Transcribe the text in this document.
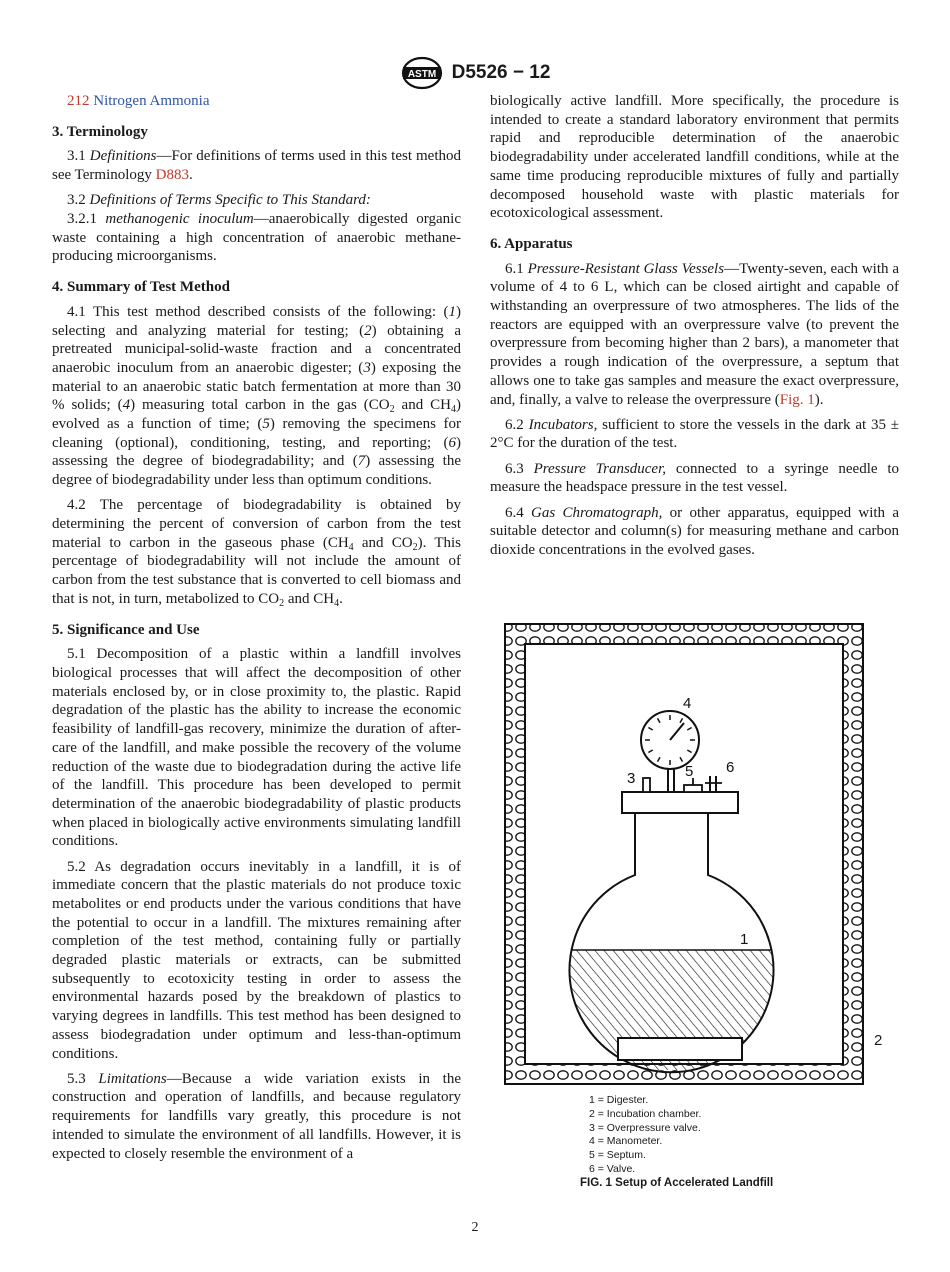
ASTM D5526 − 12

212 Nitrogen Ammonia

3. Terminology

3.1 Definitions—For definitions of terms used in this test method see Terminology D883.

3.2 Definitions of Terms Specific to This Standard:

3.2.1 methanogenic inoculum—anaerobically digested organic waste containing a high concentration of anaerobic methane-producing microorganisms.

4. Summary of Test Method

4.1 This test method described consists of the following: (1) selecting and analyzing material for testing; (2) obtaining a pretreated municipal-solid-waste fraction and a concentrated anaerobic inoculum from an anaerobic digester; (3) exposing the material to an anaerobic static batch fermentation at more than 30 % solids; (4) measuring total carbon in the gas ($CO_2$ and $CH_4$) evolved as a function of time; (5) removing the specimens for cleaning (optional), conditioning, testing, and reporting; (6) assessing the degree of biodegradability; and (7) assessing the degree of biodegradability under less than optimum conditions.

4.2 The percentage of biodegradability is obtained by determining the percent of conversion of carbon from the test material to carbon in the gaseous phase ($CH_4$ and $CO_2$). This percentage of biodegradability will not include the amount of carbon from the test substance that is converted to cell biomass and that is not, in turn, metabolized to $CO_2$ and $CH_4$.

5. Significance and Use

5.1 Decomposition of a plastic within a landfill involves biological processes that will affect the decomposition of other materials enclosed by, or in close proximity to, the plastic. Rapid degradation of the plastic has the ability to increase the economic feasibility of landfill-gas recovery, minimize the duration of after-care of the landfill, and make possible the recovery of the volume reduction of the waste due to biodegradation during the active life of the landfill. This procedure has been developed to permit determination of the anaerobic biodegradability of plastic products when placed in biologically active environments simulating landfill conditions.

5.2 As degradation occurs inevitably in a landfill, it is of immediate concern that the plastic materials do not produce toxic metabolites or end products under the various conditions that have the potential to occur in a landfill. The mixtures remaining after completion of the test method, containing fully or partially degraded plastic materials or extracts, can be submitted subsequently to ecotoxicity testing in order to assess the environmental hazards posed by the breakdown of plastics to varying degrees in landfills. This test method has been designed to assess biodegradation under optimum and less-than-optimum conditions.

5.3 Limitations—Because a wide variation exists in the construction and operation of landfills, and because regulatory requirements for landfills vary greatly, this procedure is not intended to simulate the environment of all landfills. However, it is expected to closely resemble the environment of a

biologically active landfill. More specifically, the procedure is intended to create a standard laboratory environment that permits rapid and reproducible determination of the anaerobic biodegradability under accelerated landfill conditions, while at the same time producing reproducible mixtures of fully and partially decomposed household waste with plastic materials for ecotoxicological assessment.

6. Apparatus

6.1 Pressure-Resistant Glass Vessels—Twenty-seven, each with a volume of 4 to 6 L, which can be closed airtight and capable of withstanding an overpressure of two atmospheres. The lids of the reactors are equipped with an overpressure valve (to prevent the overpressure from becoming higher than 2 bars), a manometer that provides a rough indication of the overpressure, a septum that allows one to take gas samples and measure the exact overpressure, and, finally, a valve to release the overpressure (Fig. 1).

6.2 Incubators, sufficient to store the vessels in the dark at 35 ± 2°C for the duration of the test.

6.3 Pressure Transducer, connected to a syringe needle to measure the headspace pressure in the test vessel.

6.4 Gas Chromatograph, or other apparatus, equipped with a suitable detector and column(s) for measuring methane and carbon dioxide concentrations in the evolved gases.

4
3	5 6
1
2
1 = Digester.
2 = Incubation chamber.
3 = Overpressure valve.
4 = Manometer.
5 = Septum.
6 = Valve.
FIG. 1 Setup of Accelerated Landfill
2
